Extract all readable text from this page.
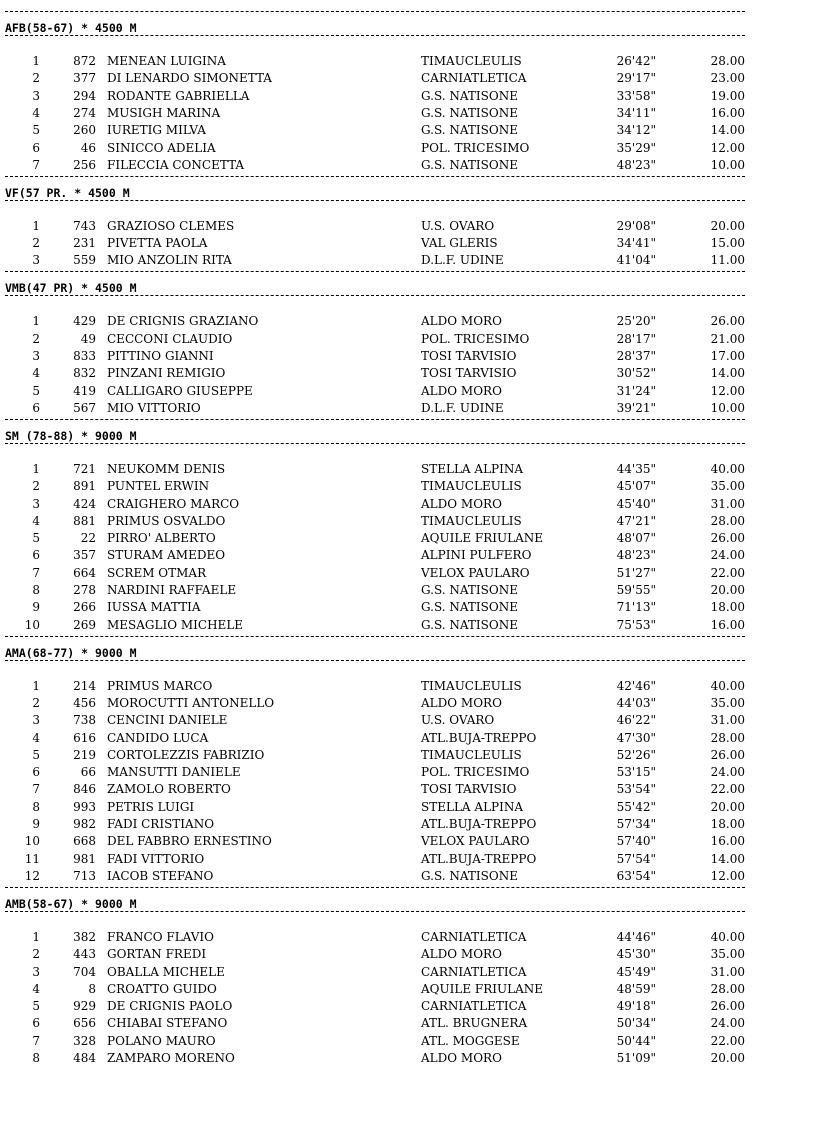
AFB(58-67) * 4500 M
1	872 MENEAN LUIGINA	TIMAUCLEULIS	26'42"	28.00
2	377 DI LENARDO SIMONETTA	CARNIATLETICA	29'17"	23.00
3	294 RODANTE GABRIELLA	G.S. NATISONE	33'58"	19.00
4	274 MUSIGH MARINA	G.S. NATISONE	34'11"	16.00
5	260 IURETIG MILVA	G.S. NATISONE	34'12"	14.00
6	46 SINICCO ADELIA	POL. TRICESIMO	35'29"	12.00
7	256 FILECCIA CONCETTA	G.S. NATISONE	48'23"	10.00
VF(57 PR. * 4500 M
1	743 GRAZIOSO CLEMES	U.S. OVARO	29'08"	20.00
2	231 PIVETTA PAOLA	VAL GLERIS	34'41"	15.00
3	559 MIO ANZOLIN RITA	D.L.F. UDINE	41'04"	11.00
VMB(47 PR) * 4500 M
1	429 DE CRIGNIS GRAZIANO	ALDO MORO	25'20"	26.00
2	49 CECCONI CLAUDIO	POL. TRICESIMO	28'17"	21.00
3	833 PITTINO GIANNI	TOSI TARVISIO	28'37"	17.00
4	832 PINZANI REMIGIO	TOSI TARVISIO	30'52"	14.00
5	419 CALLIGARO GIUSEPPE	ALDO MORO	31'24"	12.00
6	567 MIO VITTORIO	D.L.F. UDINE	39'21"	10.00
SM (78-88) * 9000 M
1	721 NEUKOMM DENIS	STELLA ALPINA	44'35"	40.00
2	891 PUNTEL ERWIN	TIMAUCLEULIS	45'07"	35.00
3	424 CRAIGHERO MARCO	ALDO MORO	45'40"	31.00
4	881 PRIMUS OSVALDO	TIMAUCLEULIS	47'21"	28.00
5	22 PIRRO' ALBERTO	AQUILE FRIULANE	48'07"	26.00
6	357 STURAM AMEDEO	ALPINI PULFERO	48'23"	24.00
7	664 SCREM OTMAR	VELOX PAULARO	51'27"	22.00
8	278 NARDINI RAFFAELE	G.S. NATISONE	59'55"	20.00
9	266 IUSSA MATTIA	G.S. NATISONE	71'13"	18.00
10	269 MESAGLIO MICHELE	G.S. NATISONE	75'53"	16.00
AMA(68-77) * 9000 M
1	214 PRIMUS MARCO	TIMAUCLEULIS	42'46"	40.00
2	456 MOROCUTTI ANTONELLO	ALDO MORO	44'03"	35.00
3	738 CENCINI DANIELE	U.S. OVARO	46'22"	31.00
4	616 CANDIDO LUCA	ATL.BUJA-TREPPO	47'30"	28.00
5	219 CORTOLEZZIS FABRIZIO	TIMAUCLEULIS	52'26"	26.00
6	66 MANSUTTI DANIELE	POL. TRICESIMO	53'15"	24.00
7	846 ZAMOLO ROBERTO	TOSI TARVISIO	53'54"	22.00
8	993 PETRIS LUIGI	STELLA ALPINA	55'42"	20.00
9	982 FADI CRISTIANO	ATL.BUJA-TREPPO	57'34"	18.00
10	668 DEL FABBRO ERNESTINO	VELOX PAULARO	57'40"	16.00
11	981 FADI VITTORIO	ATL.BUJA-TREPPO	57'54"	14.00
12	713 IACOB STEFANO	G.S. NATISONE	63'54"	12.00
AMB(58-67) * 9000 M
1	382 FRANCO FLAVIO	CARNIATLETICA	44'46"	40.00
2	443 GORTAN FREDI	ALDO MORO	45'30"	35.00
3	704 OBALLA MICHELE	CARNIATLETICA	45'49"	31.00
4	8 CROATTO GUIDO	AQUILE FRIULANE	48'59"	28.00
5	929 DE CRIGNIS PAOLO	CARNIATLETICA	49'18"	26.00
6	656 CHIABAI STEFANO	ATL. BRUGNERA	50'34"	24.00
7	328 POLANO MAURO	ATL. MOGGESE	50'44"	22.00
8	484 ZAMPARO MORENO	ALDO MORO	51'09"	20.00
